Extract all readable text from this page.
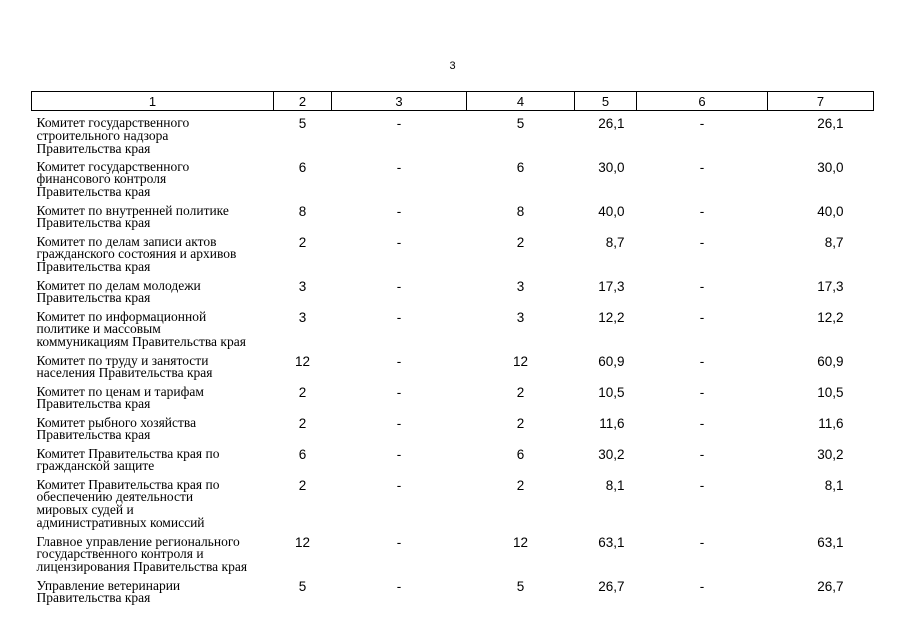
3
1	2	3	4	5	6	7

Комитет государственного
строительного надзора
Правительства края	5	-	5	26,1	-	26,1

Комитет государственного
финансового контроля
Правительства края	6	-	6	30,0	-	30,0

Комитет по внутренней политике
Правительства края	8	-	8	40,0	-	40,0

Комитет по делам записи актов
гражданского состояния и архивов
Правительства края	2	-	2	8,7	-	8,7

Комитет по делам молодежи
Правительства края	3	-	3	17,3	-	17,3

Комитет по информационной
политике и массовым
коммуникациям Правительства края	3	-	3	12,2	-	12,2

Комитет по труду и занятости
населения Правительства края	12	-	12	60,9	-	60,9

Комитет по ценам и тарифам
Правительства края	2	-	2	10,5	-	10,5

Комитет рыбного хозяйства
Правительства края	2	-	2	11,6	-	11,6

Комитет Правительства края по
гражданской защите	6	-	6	30,2	-	30,2

Комитет Правительства края по
обеспечению деятельности
мировых судей и
административных комиссий	2	-	2	8,1	-	8,1

Главное управление регионального
государственного контроля и
лицензирования Правительства края	12	-	12	63,1	-	63,1

Управление ветеринарии
Правительства края	5	-	5	26,7	-	26,7
